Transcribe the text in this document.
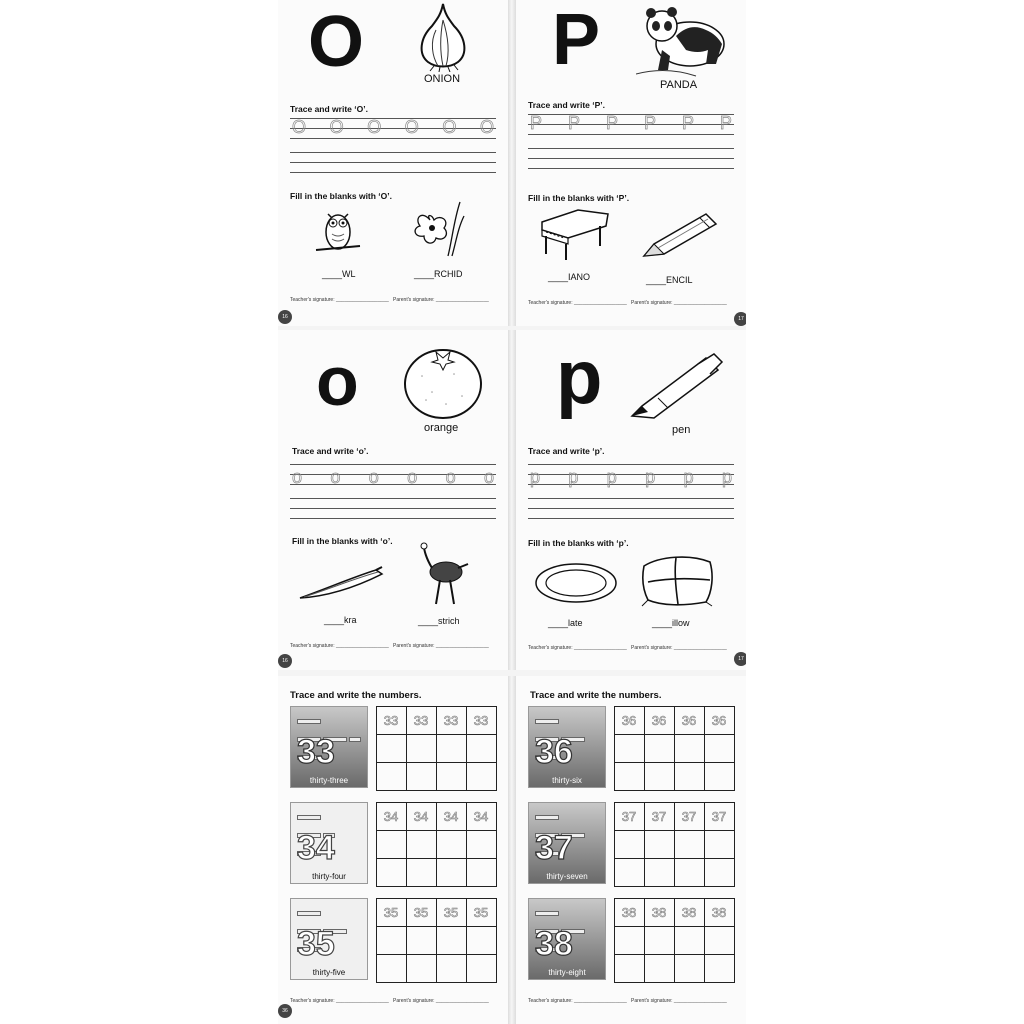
O	ONION
Trace and write ‘O’.
O O O O O O
Fill in the blanks with ‘O’.
____WL	____RCHID
Teacher's signature: ___________________ Parent's signature: ___________________
16
P
PANDA
Trace and write ‘P’.
P P P P P P
Fill in the blanks with ‘P’.
____IANO	____ENCIL
Teacher's signature: ___________________ Parent's signature: ___________________
17
o
orange
Trace and write ‘o’.
o o o o o o
Fill in the blanks with ‘o’.
____kra	____strich
Teacher's signature: ___________________ Parent's signature: ___________________
16
p
pen
Trace and write ‘p’.
p p p p p p
Fill in the blanks with ‘p’.
____late	____illow
Teacher's signature: ___________________ Parent's signature: ___________________
17
Trace and write the numbers.

33
thirty-three
33	33	33	33

34
thirty-four
34	34	34	34

35
thirty-five
35	35	35	35
Teacher's signature: ___________________ Parent's signature: ___________________
36
Trace and write the numbers.

36
thirty-six
36	36	36	36

37
thirty-seven
37	37	37	37

38
thirty-eight
38	38	38	38
Teacher's signature: ___________________ Parent's signature: ___________________
